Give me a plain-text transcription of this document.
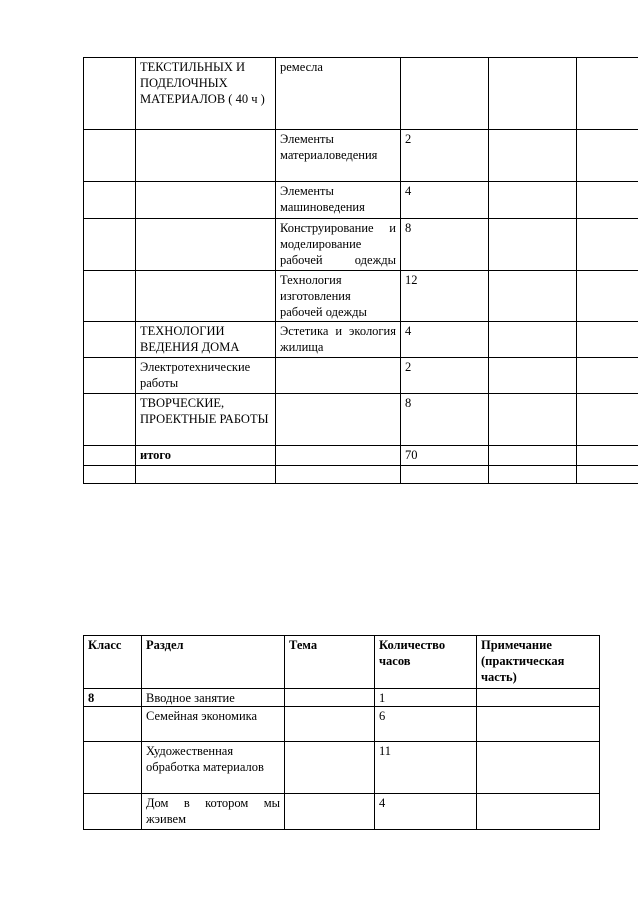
	ТЕКСТИЛЬНЫХ И ПОДЕЛОЧНЫХ МАТЕРИАЛОВ ( 40 ч )	ремесла			
		Элементы материаловедения	2		
		Элементы машиноведения	4		
		Конструирование и моделирование рабочей одежды	8		
		Технология изготовления рабочей одежды	12		
	ТЕХНОЛОГИИ ВЕДЕНИЯ ДОМА	Эстетика и экология жилища	4		
	Электротехнические работы		2		
	ТВОРЧЕСКИЕ, ПРОЕКТНЫЕ РАБОТЫ		8		
	итого		70		

Класс	Раздел	Тема	Количество часов	Примечание (практическая часть)
8	Вводное занятие		1	
	Семейная экономика		6	
	Художественная обработка материалов		11	
	Дом в котором мы жэивем		4	
